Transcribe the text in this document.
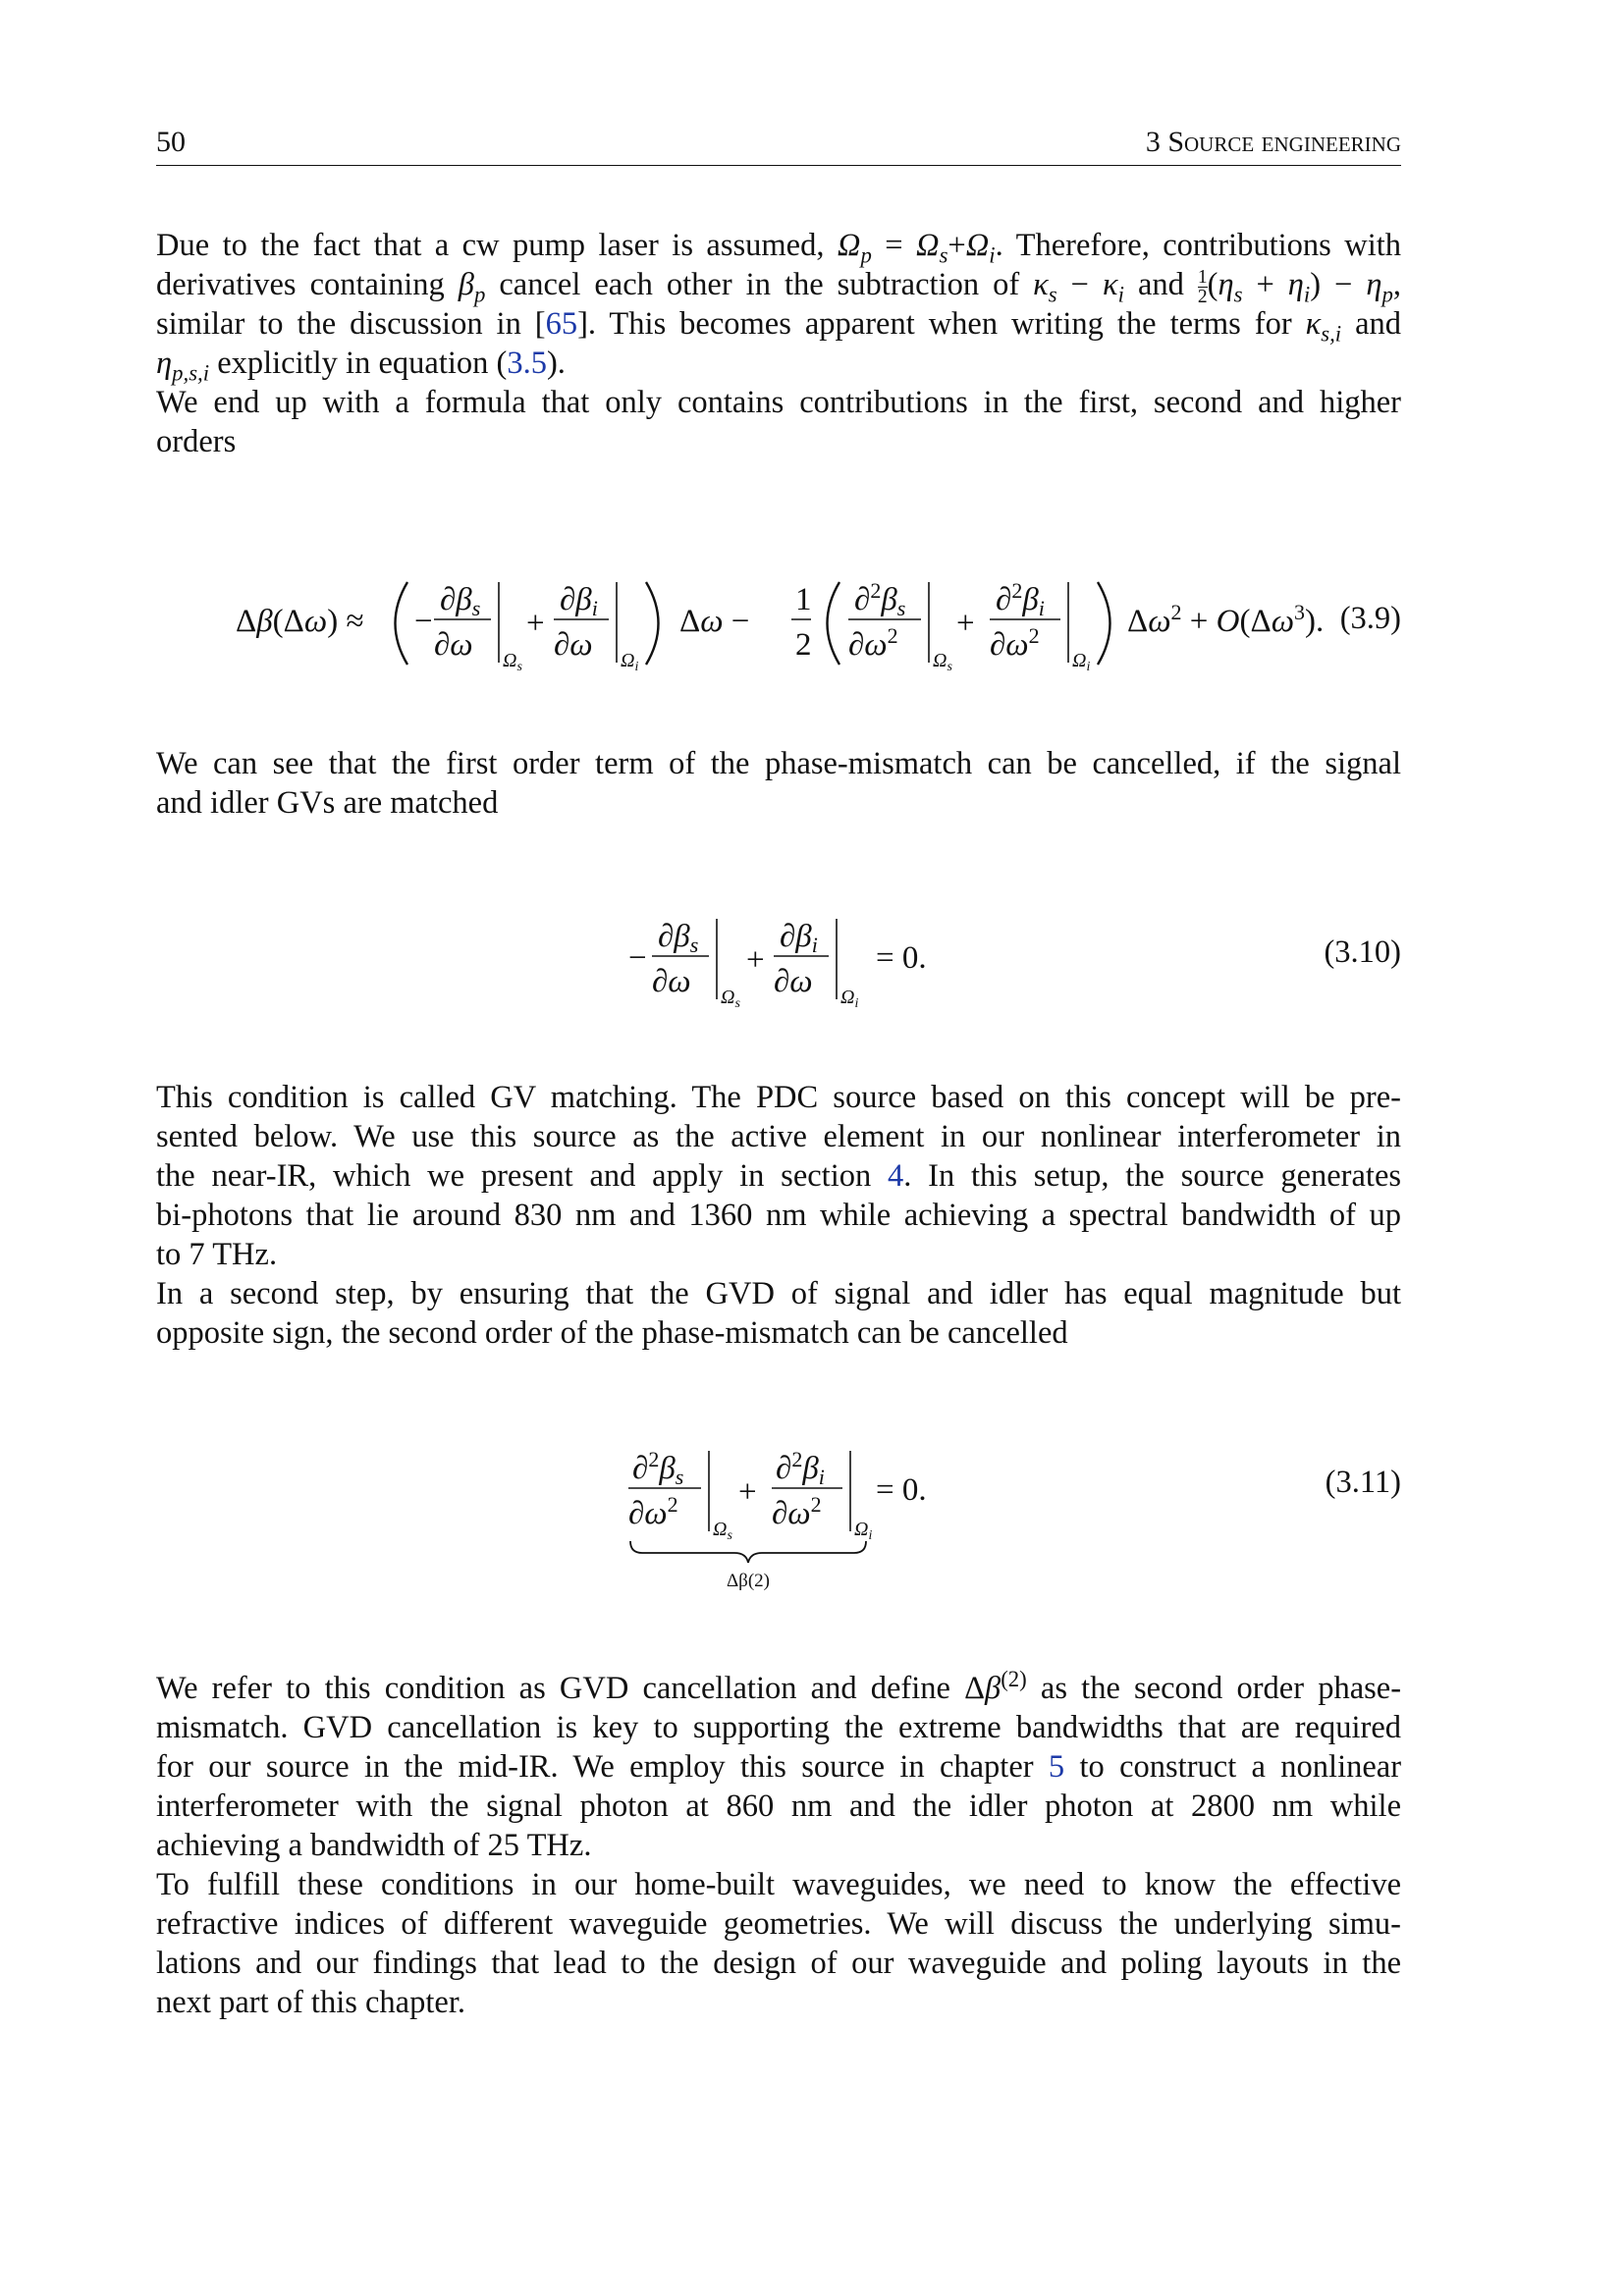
50	3 Source engineering
Due to the fact that a cw pump laser is assumed, $\Omega_p = \Omega_s+\Omega_i$. Therefore, contributions with
derivatives containing $\beta_p$ cancel each other in the subtraction of $\kappa_s - \kappa_i$ and $\frac{1}{2} (\eta_s + \eta_i) - \eta_p$,
similar to the discussion in [65]. This becomes apparent when writing the terms for $\kappa_{s,i}$ and
$\eta_{p,s,i}$ explicitly in equation (3.5).
We end up with a formula that only contains contributions in the first, second and higher
orders
Δβ(Δω) ≈ −
∂βs
∂ω $\Omega_s$
+
∂βi
∂ω $\Omega_i$
Δω −
1
2
∂$^2$βs
$\partial\omega^2$
$\Omega_s$
+
∂$^2$βi
$\partial\omega^2$
$\Omega_i$
$\Delta\omega^2 + O(\Delta\omega^3)$. (3.9)
We can see that the first order term of the phase-mismatch can be cancelled, if the signal
and idler GVs are matched
−
∂βs
∂ω $\Omega_s$
+
∂βi
∂ω $\Omega_i$
= 0.	(3.10)
This condition is called GV matching. The PDC source based on this concept will be pre-
sented below. We use this source as the active element in our nonlinear interferometer in
the near-IR, which we present and apply in section 4. In this setup, the source generates
bi-photons that lie around 830 nm and 1360 nm while achieving a spectral bandwidth of up
to 7 THz.
In a second step, by ensuring that the GVD of signal and idler has equal magnitude but
opposite sign, the second order of the phase-mismatch can be cancelled
∂$^2$βs
$\partial\omega^2$
$\Omega_s$
+
∂$^2$βi
$\partial\omega^2$
$\Omega_i$
= 0.
Δβ(2)
(3.11)
We refer to this condition as GVD cancellation and define $\Delta\beta^{(2)}$ as the second order phase-
mismatch. GVD cancellation is key to supporting the extreme bandwidths that are required
for our source in the mid-IR. We employ this source in chapter 5 to construct a nonlinear
interferometer with the signal photon at 860 nm and the idler photon at 2800 nm while
achieving a bandwidth of 25 THz.
To fulfill these conditions in our home-built waveguides, we need to know the effective
refractive indices of different waveguide geometries. We will discuss the underlying simu-
lations and our findings that lead to the design of our waveguide and poling layouts in the
next part of this chapter.
